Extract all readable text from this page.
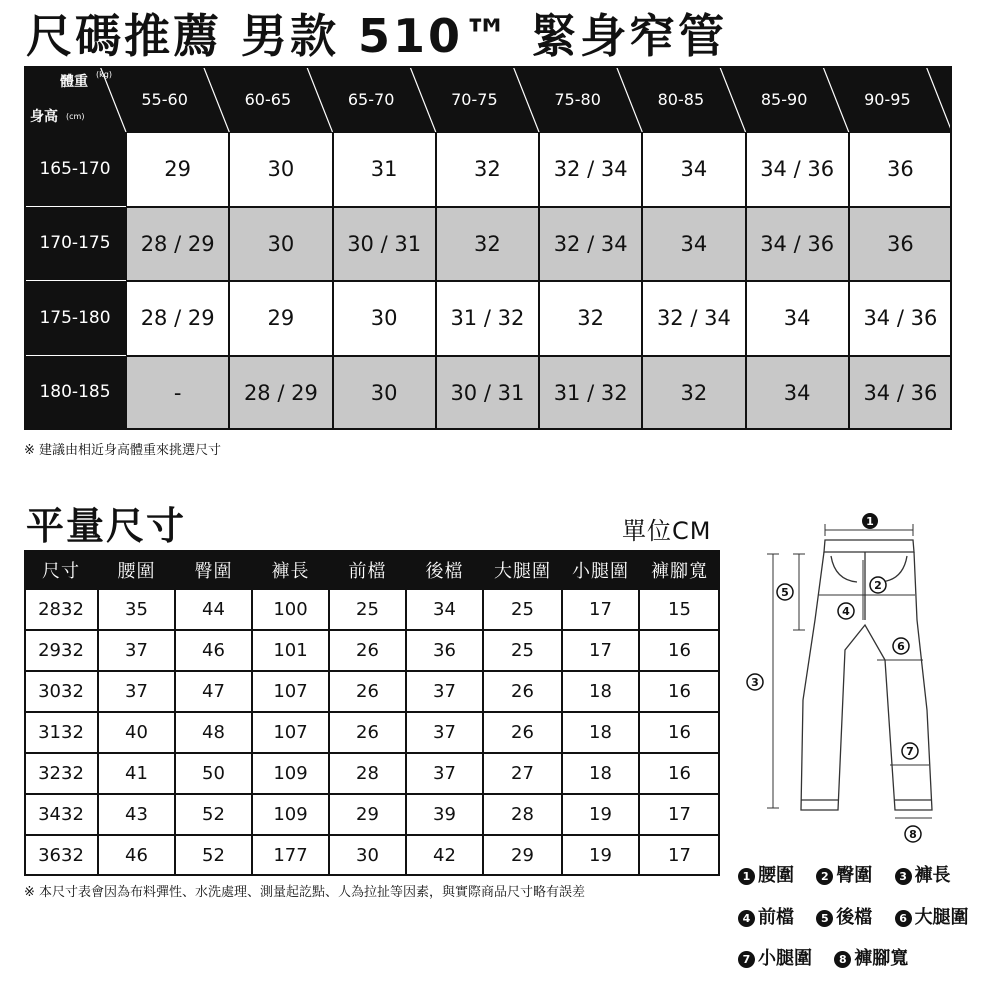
尺碼推薦 男款 510™ 緊身窄管
體重 (kg)
身高 (cm)
55-60	60-65	65-70	70-75	75-80	80-85	85-90	90-95
165-170	29	30	31	32	32 / 34	34	34 / 36	36
170-175	28 / 29	30	30 / 31	32	32 / 34	34	34 / 36	36
175-180	28 / 29	29	30	31 / 32	32	32 / 34	34	34 / 36
180-185	-	28 / 29	30	30 / 31	31 / 32	32	34	34 / 36
※ 建議由相近身高體重來挑選尺寸
平量尺寸	單位CM
尺寸	腰圍	臀圍	褲長	前檔	後檔	大腿圍	小腿圍	褲腳寬
2832	35	44	100	25	34	25	17	15
2932	37	46	101	26	36	25	17	16
3032	37	47	107	26	37	26	18	16
3132	40	48	107	26	37	26	18	16
3232	41	50	109	28	37	27	18	16
3432	43	52	109	29	39	28	19	17
3632	46	52	177	30	42	29	19	17
※ 本尺寸表會因為布料彈性、水洗處理、測量起訖點、人為拉扯等因素，與實際商品尺寸略有誤差
1
2
3
4
5
6
7
8
1 腰圍 2 臀圍 3 褲長
4 前檔 5 後檔 6 大腿圍
7 小腿圍 8 褲腳寬
